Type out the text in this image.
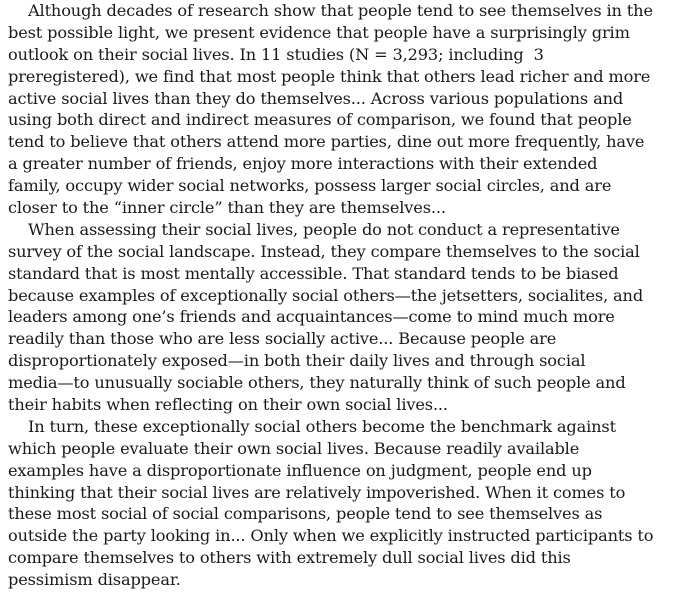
Although decades of research show that people tend to see themselves in the
best possible light, we present evidence that people have a surprisingly grim
outlook on their social lives. In 11 studies (N = 3,293; including  3
preregistered), we find that most people think that others lead richer and more
active social lives than they do themselves... Across various populations and
using both direct and indirect measures of comparison, we found that people
tend to believe that others attend more parties, dine out more frequently, have
a greater number of friends, enjoy more interactions with their extended
family, occupy wider social networks, possess larger social circles, and are
closer to the “inner circle” than they are themselves...
When assessing their social lives, people do not conduct a representative
survey of the social landscape. Instead, they compare themselves to the social
standard that is most mentally accessible. That standard tends to be biased
because examples of exceptionally social others—the jetsetters, socialites, and
leaders among one’s friends and acquaintances—come to mind much more
readily than those who are less socially active... Because people are
disproportionately exposed—in both their daily lives and through social
media—to unusually sociable others, they naturally think of such people and
their habits when reflecting on their own social lives...
In turn, these exceptionally social others become the benchmark against
which people evaluate their own social lives. Because readily available
examples have a disproportionate influence on judgment, people end up
thinking that their social lives are relatively impoverished. When it comes to
these most social of social comparisons, people tend to see themselves as
outside the party looking in... Only when we explicitly instructed participants to
compare themselves to others with extremely dull social lives did this
pessimism disappear.
